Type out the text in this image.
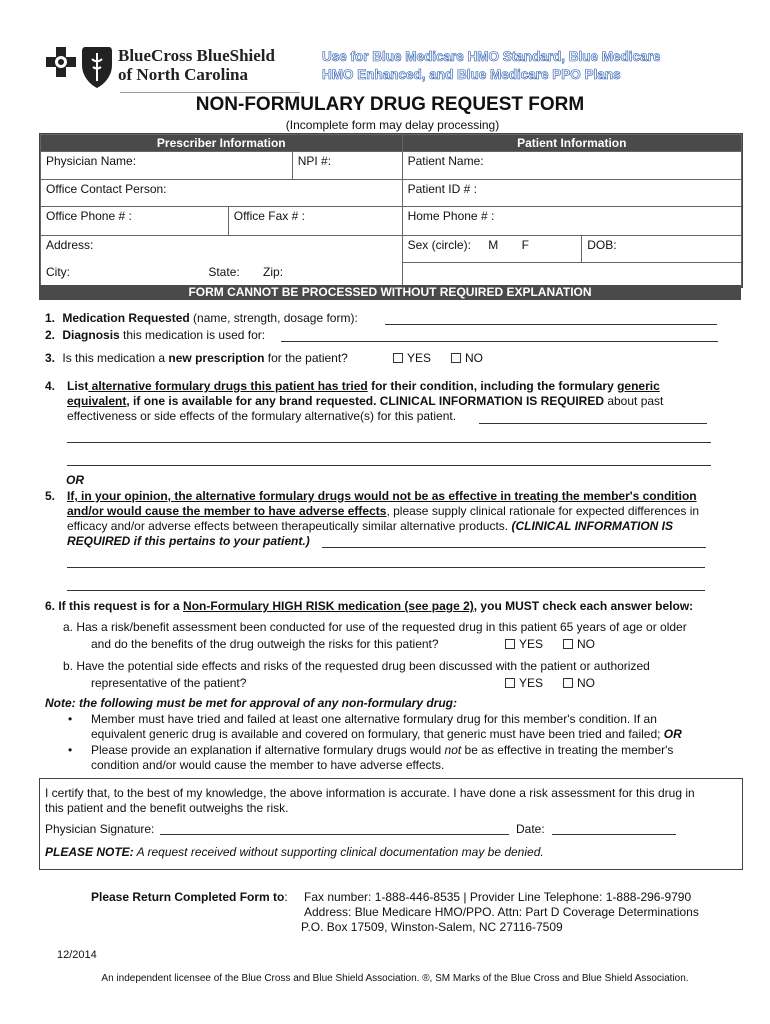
BlueCross BlueShield
of North Carolina
Use for Blue Medicare HMO Standard, Blue Medicare
HMO Enhanced, and Blue Medicare PPO Plans
NON-FORMULARY DRUG REQUEST FORM
(Incomplete form may delay processing)
Prescriber Information			Patient Information	
Physician Name:		NPI #:	Patient Name:	
Office Contact Person:			Patient ID # :	
Office Phone # :	Office Fax # :		Home Phone # :	
Address:			Sex (circle): M F	DOB:
City: State: Zip:				
FORM CANNOT BE PROCESSED WITHOUT REQUIRED EXPLANATION
1. Medication Requested (name, strength, dosage form):
2. Diagnosis this medication is used for:
3. Is this medication a new prescription for the patient?	YES	NO
4. List alternative formulary drugs this patient has tried for their condition, including the formulary generic
equivalent, if one is available for any brand requested. CLINICAL INFORMATION IS REQUIRED about past
effectiveness or side effects of the formulary alternative(s) for this patient.
OR
5. If, in your opinion, the alternative formulary drugs would not be as effective in treating the member's condition
and/or would cause the member to have adverse effects, please supply clinical rationale for expected differences in
efficacy and/or adverse effects between therapeutically similar alternative products. (CLINICAL INFORMATION IS
REQUIRED if this pertains to your patient.)
6. If this request is for a Non-Formulary HIGH RISK medication (see page 2), you MUST check each answer below:
a. Has a risk/benefit assessment been conducted for use of the requested drug in this patient 65 years of age or older
and do the benefits of the drug outweigh the risks for this patient?	YES	NO
b. Have the potential side effects and risks of the requested drug been discussed with the patient or authorized
representative of the patient?	YES	NO
Note: the following must be met for approval of any non-formulary drug:
• Member must have tried and failed at least one alternative formulary drug for this member's condition. If an
equivalent generic drug is available and covered on formulary, that generic must have been tried and failed; OR
• Please provide an explanation if alternative formulary drugs would not be as effective in treating the member's
condition and/or would cause the member to have adverse effects.
I certify that, to the best of my knowledge, the above information is accurate. I have done a risk assessment for this drug in
this patient and the benefit outweighs the risk.
Physician Signature:	Date:
PLEASE NOTE: A request received without supporting clinical documentation may be denied.
Please Return Completed Form to: Fax number: 1-888-446-8535 | Provider Line Telephone: 1-888-296-9790
Address: Blue Medicare HMO/PPO. Attn: Part D Coverage Determinations
P.O. Box 17509, Winston-Salem, NC 27116-7509
12/2014
An independent licensee of the Blue Cross and Blue Shield Association. ®, SM Marks of the Blue Cross and Blue Shield Association.
